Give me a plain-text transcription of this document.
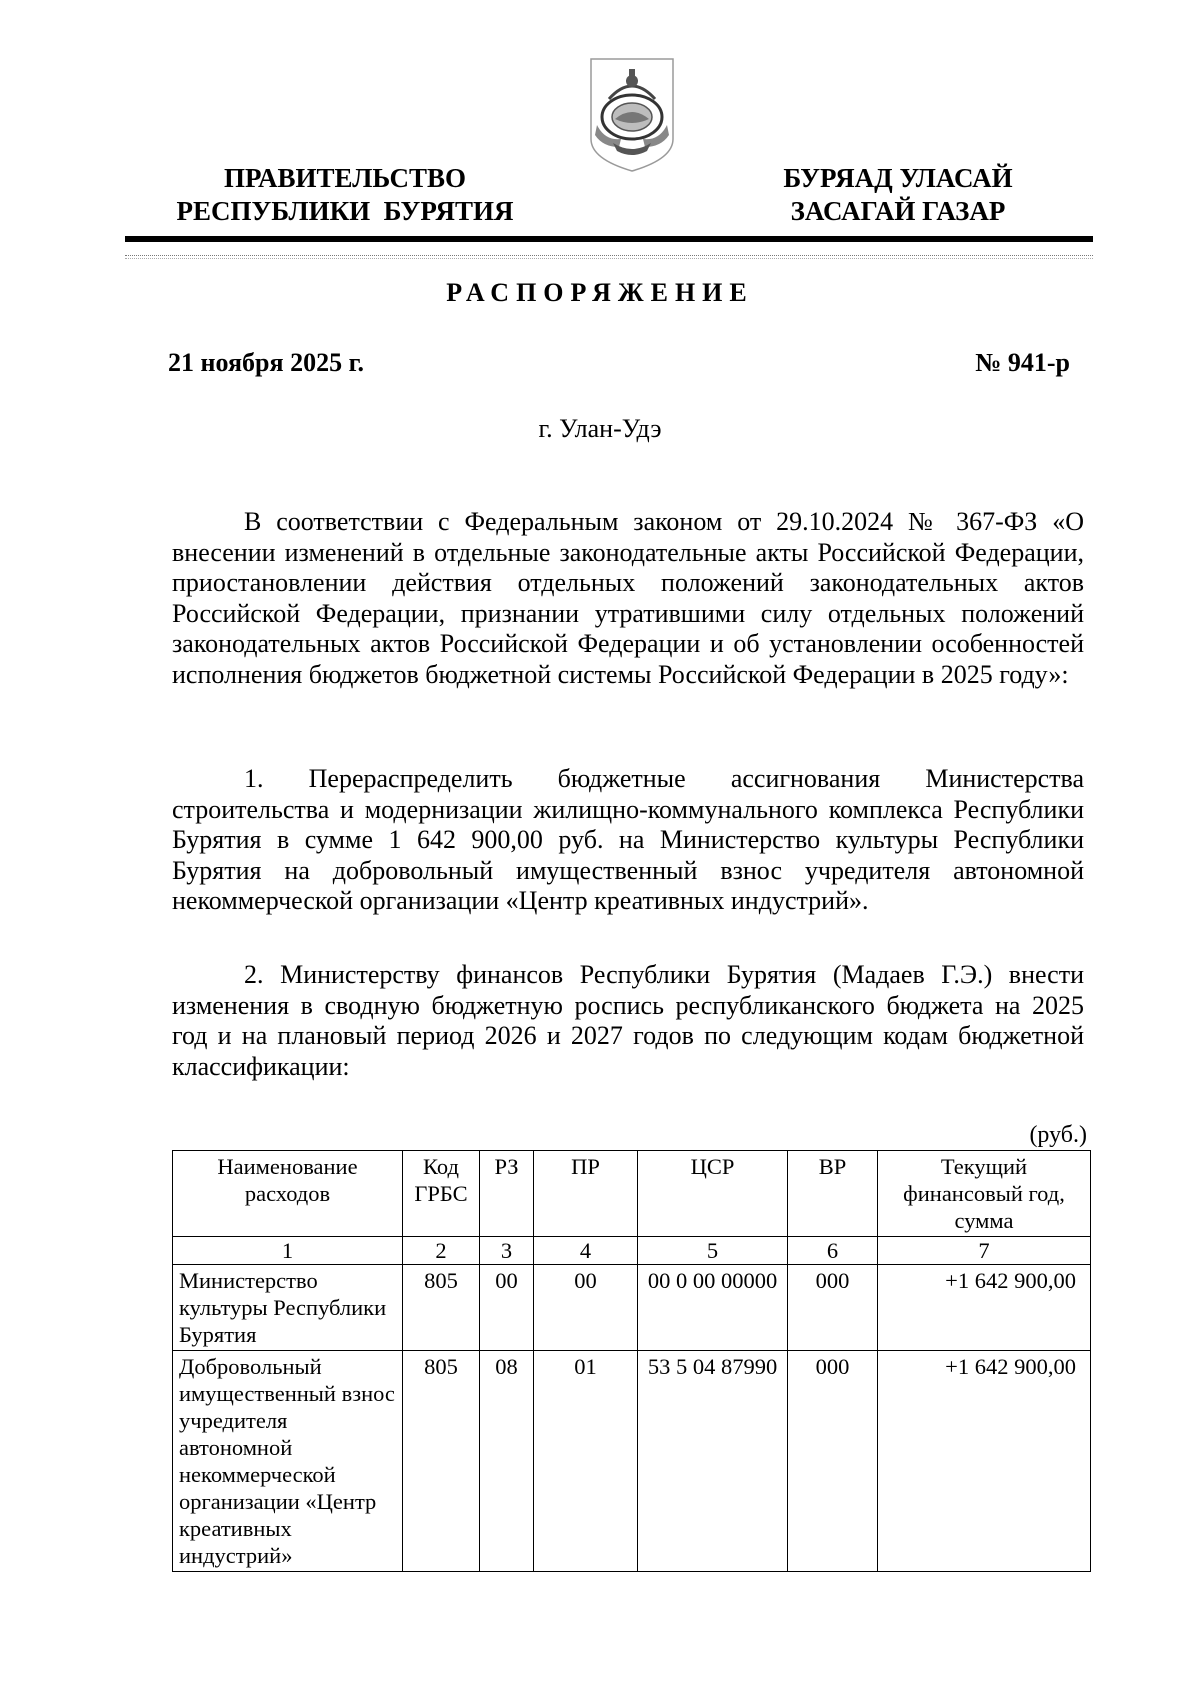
ПРАВИТЕЛЬСТВО
РЕСПУБЛИКИ  БУРЯТИЯ
БУРЯАД УЛАСАЙ
ЗАСАГАЙ ГАЗАР
РАСПОРЯЖЕНИЕ
21 ноября 2025 г.	№ 941-р
г. Улан-Удэ

В соответствии с Федеральным законом от 29.10.2024 № 367-ФЗ «О внесении изменений в отдельные законодательные акты Российской Федерации, приостановлении действия отдельных положений законодательных актов Российской Федерации, признании утратившими силу отдельных положений законодательных актов Российской Федерации и об установлении особенностей исполнения бюджетов бюджетной системы Российской Федерации в 2025 году»:

1. Перераспределить бюджетные ассигнования Министерства строительства и модернизации жилищно-коммунального комплекса Республики Бурятия в сумме 1 642 900,00 руб. на Министерство культуры Республики Бурятия на добровольный имущественный взнос учредителя автономной некоммерческой организации «Центр креативных индустрий».

2. Министерству финансов Республики Бурятия (Мадаев Г.Э.) внести изменения в сводную бюджетную роспись республиканского бюджета на 2025 год и на плановый период 2026 и 2027 годов по следующим кодам бюджетной классификации:

(руб.)
Наименование расходов	Код ГРБС	РЗ	ПР	ЦСР	ВР	Текущий финансовый год, сумма
1	2	3	4	5	6	7
Министерство культуры Республики Бурятия	805	00	00	00 0 00 00000	000	+1 642 900,00
Добровольный имущественный взнос учредителя автономной некоммерческой организации «Центр креативных индустрий»	805	08	01	53 5 04 87990	000	+1 642 900,00
